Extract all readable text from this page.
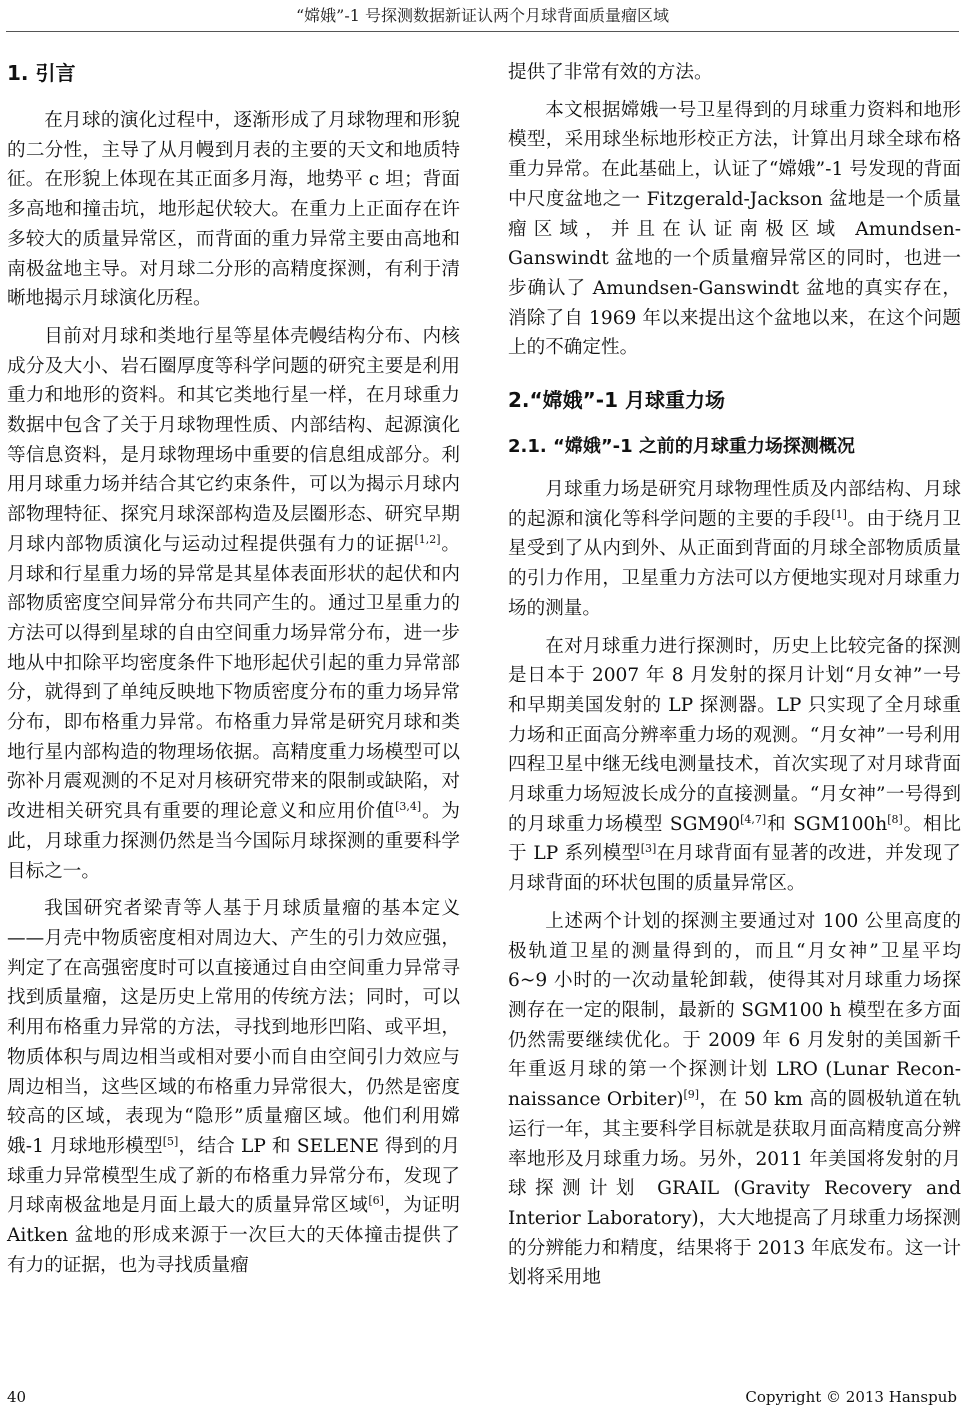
“嫦娥”-1 号探测数据新证认两个月球背面质量瘤区域
1. 引言

在月球的演化过程中，逐渐形成了月球物理和形貌的二分性，主导了从月幔到月表的主要的天文和地质特征。在形貌上体现在其正面多月海，地势平 c 坦；背面多高地和撞击坑，地形起伏较大。在重力上正面存在许多较大的质量异常区，而背面的重力异常主要由高地和南极盆地主导。对月球二分形的高精度探测，有利于清晰地揭示月球演化历程。

目前对月球和类地行星等星体壳幔结构分布、内核成分及大小、岩石圈厚度等科学问题的研究主要是利用重力和地形的资料。和其它类地行星一样，在月球重力数据中包含了关于月球物理性质、内部结构、起源演化等信息资料，是月球物理场中重要的信息组成部分。利用月球重力场并结合其它约束条件，可以为揭示月球内部物理特征、探究月球深部构造及层圈形态、研究早期月球内部物质演化与运动过程提供强有力的证据[1,2]。月球和行星重力场的异常是其星体表面形状的起伏和内部物质密度空间异常分布共同产生的。通过卫星重力的方法可以得到星球的自由空间重力场异常分布，进一步地从中扣除平均密度条件下地形起伏引起的重力异常部分，就得到了单纯反映地下物质密度分布的重力场异常分布，即布格重力异常。布格重力异常是研究月球和类地行星内部构造的物理场依据。高精度重力场模型可以弥补月震观测的不足对月核研究带来的限制或缺陷，对改进相关研究具有重要的理论意义和应用价值[3,4]。为此，月球重力探测仍然是当今国际月球探测的重要科学目标之一。

我国研究者梁青等人基于月球质量瘤的基本定义——月壳中物质密度相对周边大、产生的引力效应强，判定了在高强密度时可以直接通过自由空间重力异常寻找到质量瘤，这是历史上常用的传统方法；同时，可以利用布格重力异常的方法，寻找到地形凹陷、或平坦，物质体积与周边相当或相对要小而自由空间引力效应与周边相当，这些区域的布格重力异常很大，仍然是密度较高的区域，表现为“隐形”质量瘤区域。他们利用嫦娥-1 月球地形模型[5]，结合 LP 和 SELENE 得到的月球重力异常模型生成了新的布格重力异常分布，发现了月球南极盆地是月面上最大的质量异常区域[6]，为证明 Aitken 盆地的形成来源于一次巨大的天体撞击提供了有力的证据，也为寻找质量瘤

提供了非常有效的方法。

本文根据嫦娥一号卫星得到的月球重力资料和地形模型，采用球坐标地形校正方法，计算出月球全球布格重力异常。在此基础上，认证了“嫦娥”-1 号发现的背面中尺度盆地之一 Fitzgerald-Jackson 盆地是一个质量瘤区域，并且在认证南极区域 Amundsen-Ganswindt 盆地的一个质量瘤异常区的同时，也进一步确认了 Amundsen-Ganswindt 盆地的真实存在，消除了自 1969 年以来提出这个盆地以来，在这个问题上的不确定性。

2.“嫦娥”-1 月球重力场
2.1. “嫦娥”-1 之前的月球重力场探测概况

月球重力场是研究月球物理性质及内部结构、月球的起源和演化等科学问题的主要的手段[1]。由于绕月卫星受到了从内到外、从正面到背面的月球全部物质质量的引力作用，卫星重力方法可以方便地实现对月球重力场的测量。

在对月球重力进行探测时，历史上比较完备的探测是日本于 2007 年 8 月发射的探月计划“月女神”一号和早期美国发射的 LP 探测器。LP 只实现了全月球重力场和正面高分辨率重力场的观测。“月女神”一号利用四程卫星中继无线电测量技术，首次实现了对月球背面月球重力场短波长成分的直接测量。“月女神”一号得到的月球重力场模型 SGM90[4,7]和 SGM100h[8]。相比于 LP 系列模型[3]在月球背面有显著的改进，并发现了月球背面的环状包围的质量异常区。

上述两个计划的探测主要通过对 100 公里高度的极轨道卫星的测量得到的，而且“月女神”卫星平均 6~9 小时的一次动量轮卸载，使得其对月球重力场探测存在一定的限制，最新的 SGM100 h 模型在多方面仍然需要继续优化。于 2009 年 6 月发射的美国新千年重返月球的第一个探测计划 LRO (Lunar Reconnaissance Orbiter)[9]，在 50 km 高的圆极轨道在轨运行一年，其主要科学目标就是获取月面高精度高分辨率地形及月球重力场。另外，2011 年美国将发射的月球探测计划 GRAIL (Gravity Recovery and Interior Laboratory)，大大地提高了月球重力场探测的分辨能力和精度，结果将于 2013 年底发布。这一计划将采用地

40	Copyright © 2013 Hanspub
